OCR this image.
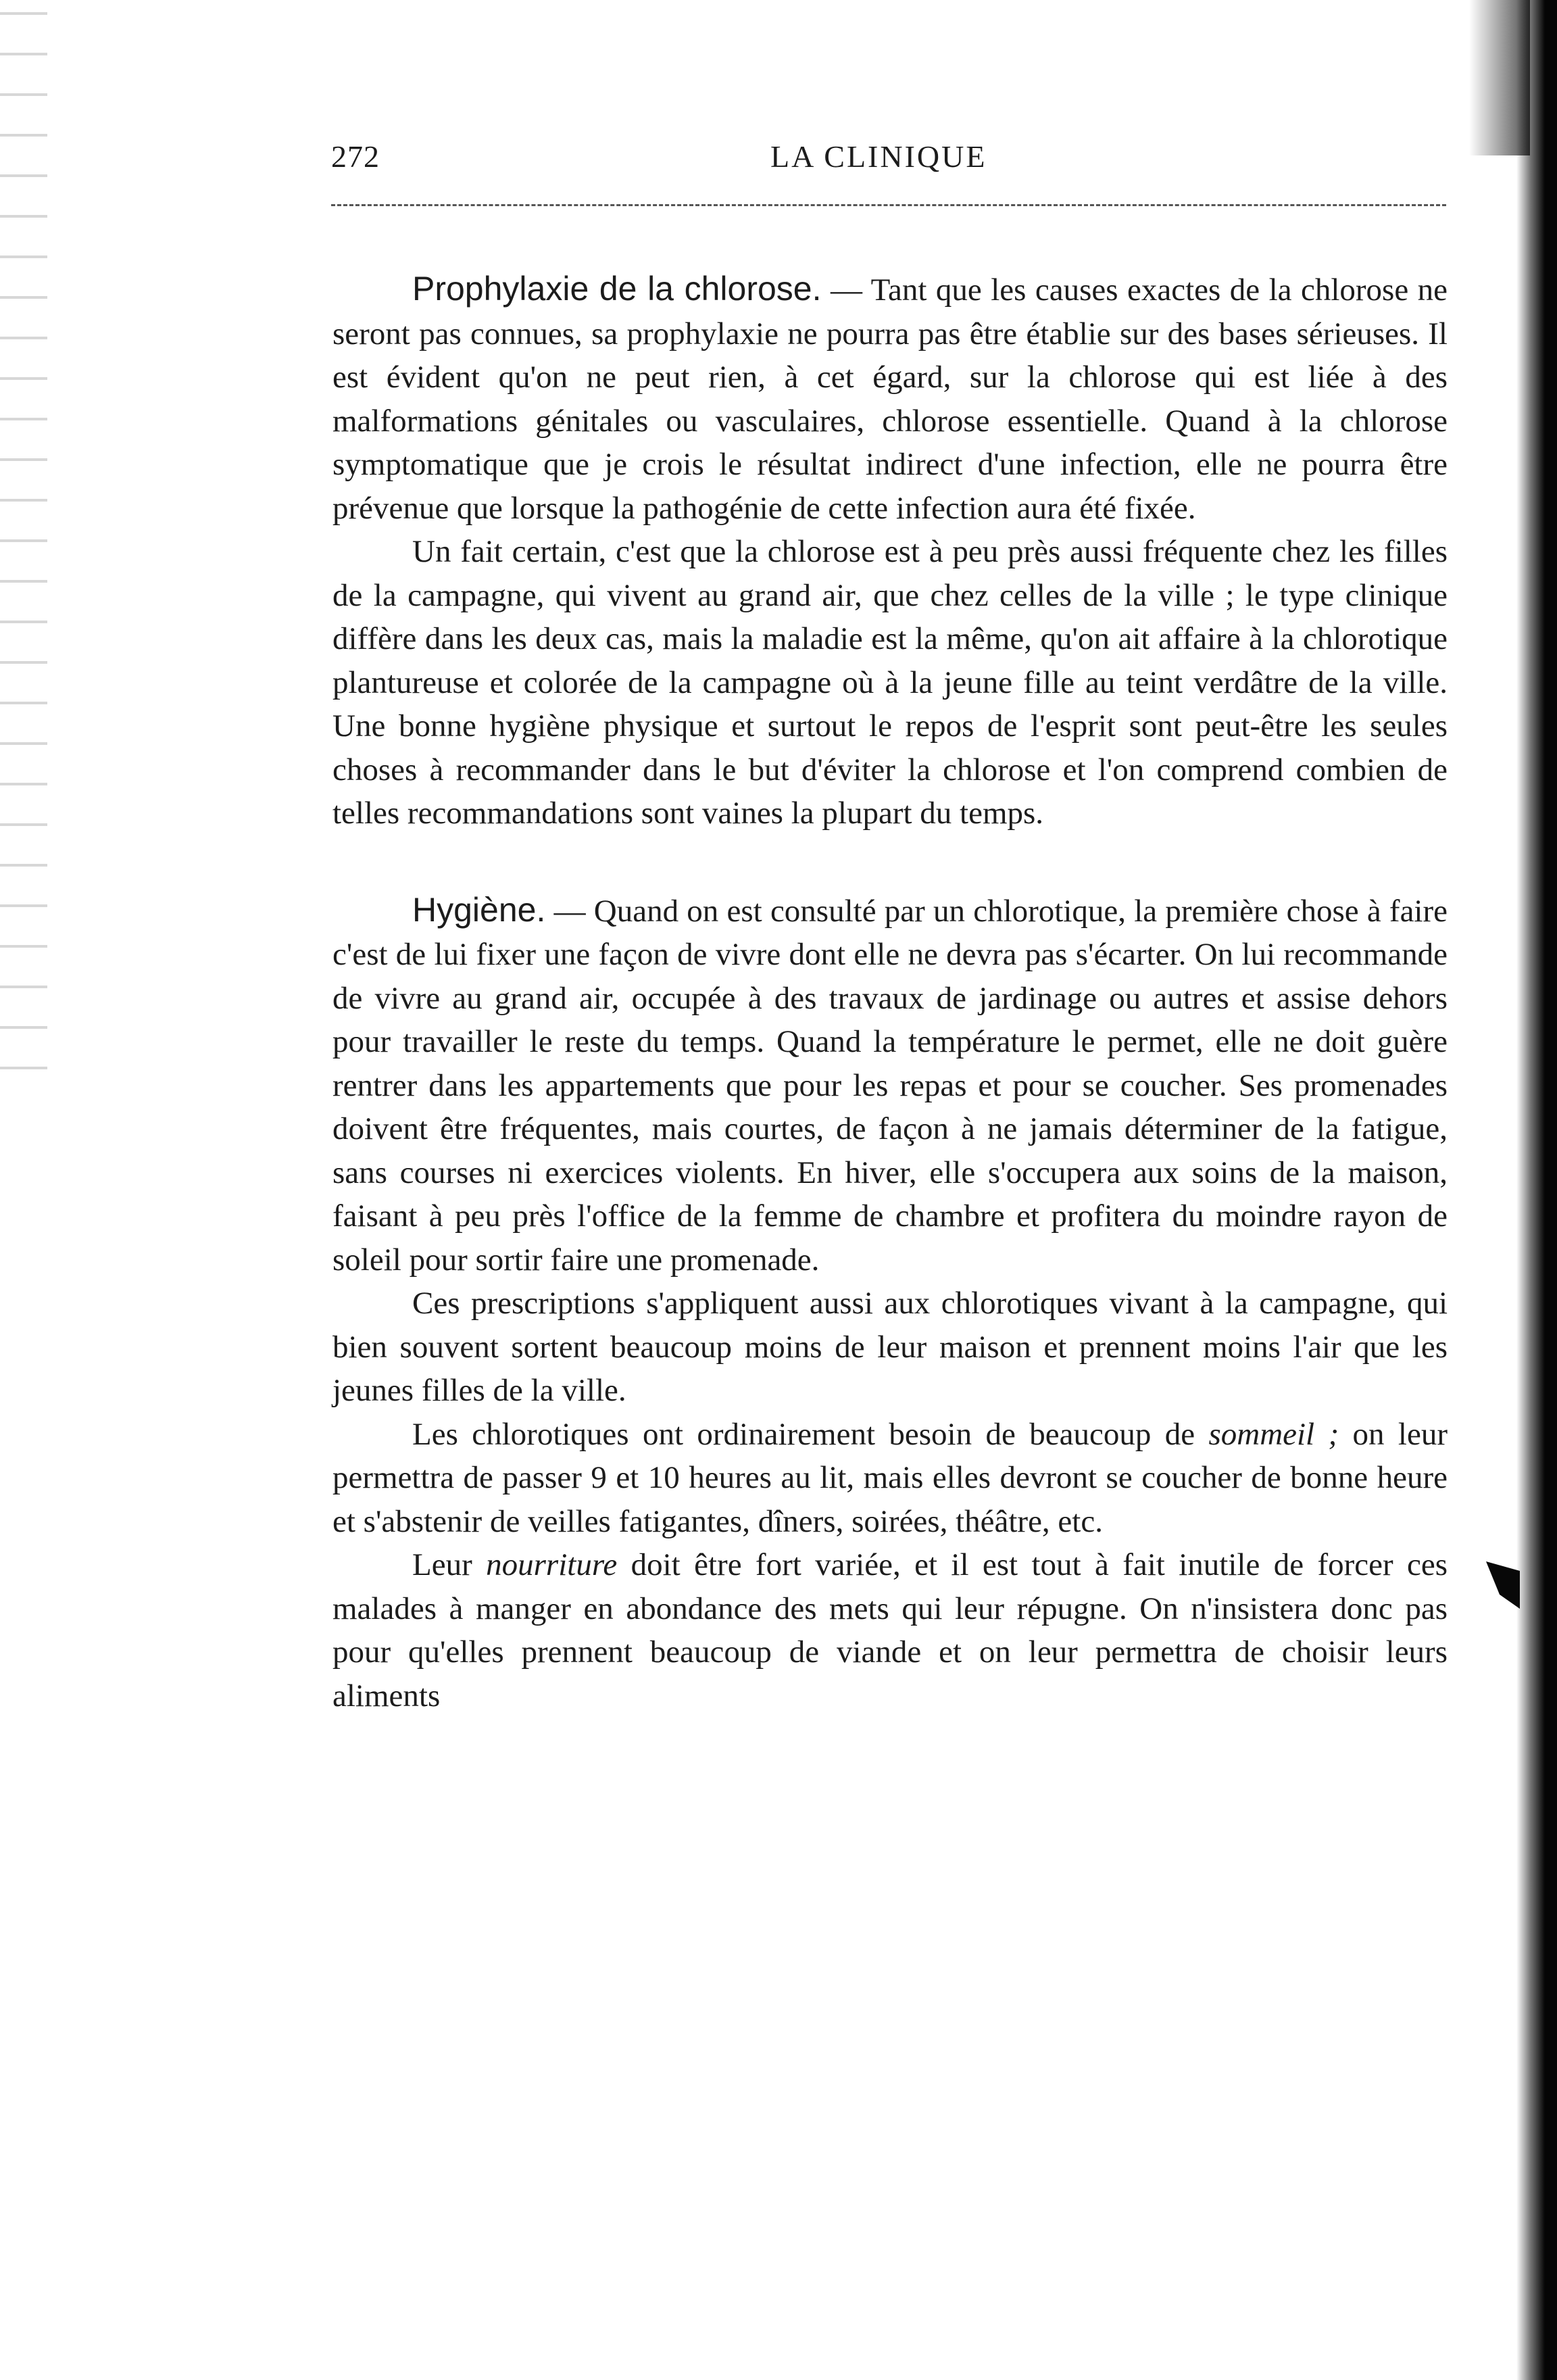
272	LA CLINIQUE

Prophylaxie de la chlorose. — Tant que les causes exactes de la chlorose ne seront pas connues, sa prophylaxie ne pourra pas être établie sur des bases sérieuses. Il est évident qu'on ne peut rien, à cet égard, sur la chlorose qui est liée à des malformations génitales ou vasculaires, chlorose essentielle. Quand à la chlorose symptomatique que je crois le résultat indirect d'une infection, elle ne pourra être prévenue que lorsque la pathogénie de cette infection aura été fixée.

Un fait certain, c'est que la chlorose est à peu près aussi fréquente chez les filles de la campagne, qui vivent au grand air, que chez celles de la ville ; le type clinique diffère dans les deux cas, mais la maladie est la même, qu'on ait affaire à la chlorotique plantureuse et colorée de la campagne où à la jeune fille au teint verdâtre de la ville. Une bonne hygiène physique et surtout le repos de l'esprit sont peut-être les seules choses à recommander dans le but d'éviter la chlorose et l'on comprend combien de telles recommandations sont vaines la plupart du temps.

Hygiène. — Quand on est consulté par un chlorotique, la première chose à faire c'est de lui fixer une façon de vivre dont elle ne devra pas s'écarter. On lui recommande de vivre au grand air, occupée à des travaux de jardinage ou autres et assise dehors pour travailler le reste du temps. Quand la température le permet, elle ne doit guère rentrer dans les appartements que pour les repas et pour se coucher. Ses promenades doivent être fréquentes, mais courtes, de façon à ne jamais déterminer de la fatigue, sans courses ni exercices violents. En hiver, elle s'occupera aux soins de la maison, faisant à peu près l'office de la femme de chambre et profitera du moindre rayon de soleil pour sortir faire une promenade.

Ces prescriptions s'appliquent aussi aux chlorotiques vivant à la campagne, qui bien souvent sortent beaucoup moins de leur maison et prennent moins l'air que les jeunes filles de la ville.

Les chlorotiques ont ordinairement besoin de beaucoup de sommeil ; on leur permettra de passer 9 et 10 heures au lit, mais elles devront se coucher de bonne heure et s'abstenir de veilles fatigantes, dîners, soirées, théâtre, etc.

Leur nourriture doit être fort variée, et il est tout à fait inutile de forcer ces malades à manger en abondance des mets qui leur répugne. On n'insistera donc pas pour qu'elles prennent beaucoup de viande et on leur permettra de choisir leurs aliments
